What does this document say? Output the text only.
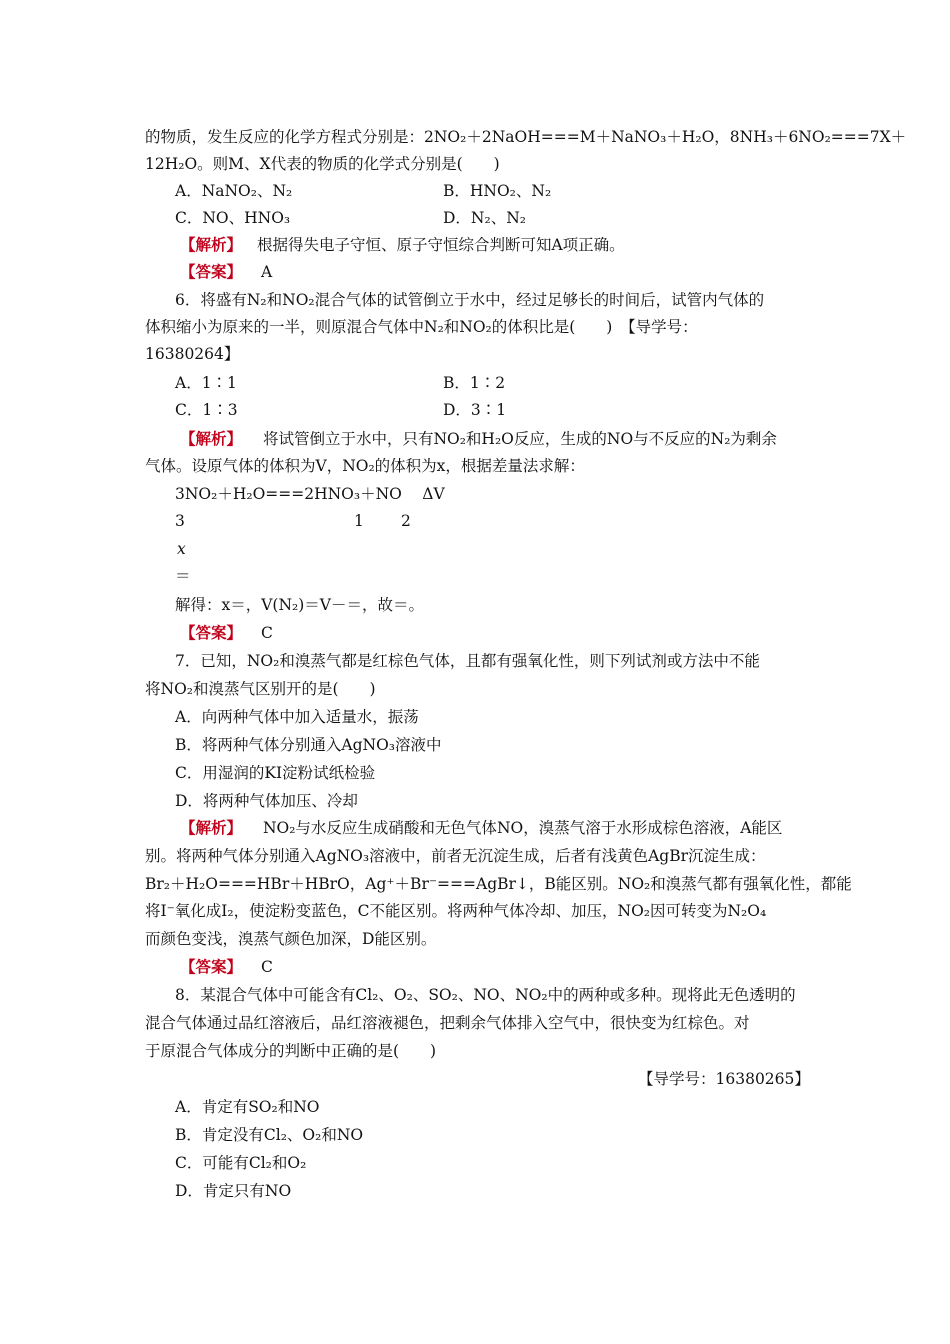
的物质，发生反应的化学方程式分别是：2NO₂＋2NaOH===M＋NaNO₃＋H₂O，8NH₃＋6NO₂===7X＋
12H₂O。则M、X代表的物质的化学式分别是(　　)
A．NaNO₂、N₂	B．HNO₂、N₂
C．NO、HNO₃	D．N₂、N₂
【解析】 根据得失电子守恒、原子守恒综合判断可知A项正确。
【答案】 A
6．将盛有N₂和NO₂混合气体的试管倒立于水中，经过足够长的时间后，试管内气体的
体积缩小为原来的一半，则原混合气体中N₂和NO₂的体积比是(　　)　【导学号：
16380264】
A．1∶1	B．1∶2
C．1∶3	D．3∶1
【解析】 将试管倒立于水中，只有NO₂和H₂O反应，生成的NO与不反应的N₂为剩余
气体。设原气体的体积为V，NO₂的体积为x，根据差量法求解：
3NO₂＋H₂O===2HNO₃＋NO　 ΔV
3	1 2
x
＝
解得：x＝，V(N₂)＝V－＝，故＝。
【答案】 C
7．已知，NO₂和溴蒸气都是红棕色气体，且都有强氧化性，则下列试剂或方法中不能
将NO₂和溴蒸气区别开的是(　　)
A．向两种气体中加入适量水，振荡
B．将两种气体分别通入AgNO₃溶液中
C．用湿润的KI淀粉试纸检验
D．将两种气体加压、冷却
【解析】 NO₂与水反应生成硝酸和无色气体NO，溴蒸气溶于水形成棕色溶液，A能区
别。将两种气体分别通入AgNO₃溶液中，前者无沉淀生成，后者有浅黄色AgBr沉淀生成：
Br₂＋H₂O===HBr＋HBrO，Ag⁺＋Br⁻===AgBr↓，B能区别。NO₂和溴蒸气都有强氧化性，都能
将I⁻氧化成I₂，使淀粉变蓝色，C不能区别。将两种气体冷却、加压，NO₂因可转变为N₂O₄
而颜色变浅，溴蒸气颜色加深，D能区别。
【答案】 C
8．某混合气体中可能含有Cl₂、O₂、SO₂、NO、NO₂中的两种或多种。现将此无色透明的
混合气体通过品红溶液后，品红溶液褪色，把剩余气体排入空气中，很快变为红棕色。对
于原混合气体成分的判断中正确的是(　　)
【导学号：16380265】
A．肯定有SO₂和NO
B．肯定没有Cl₂、O₂和NO
C．可能有Cl₂和O₂
D．肯定只有NO
